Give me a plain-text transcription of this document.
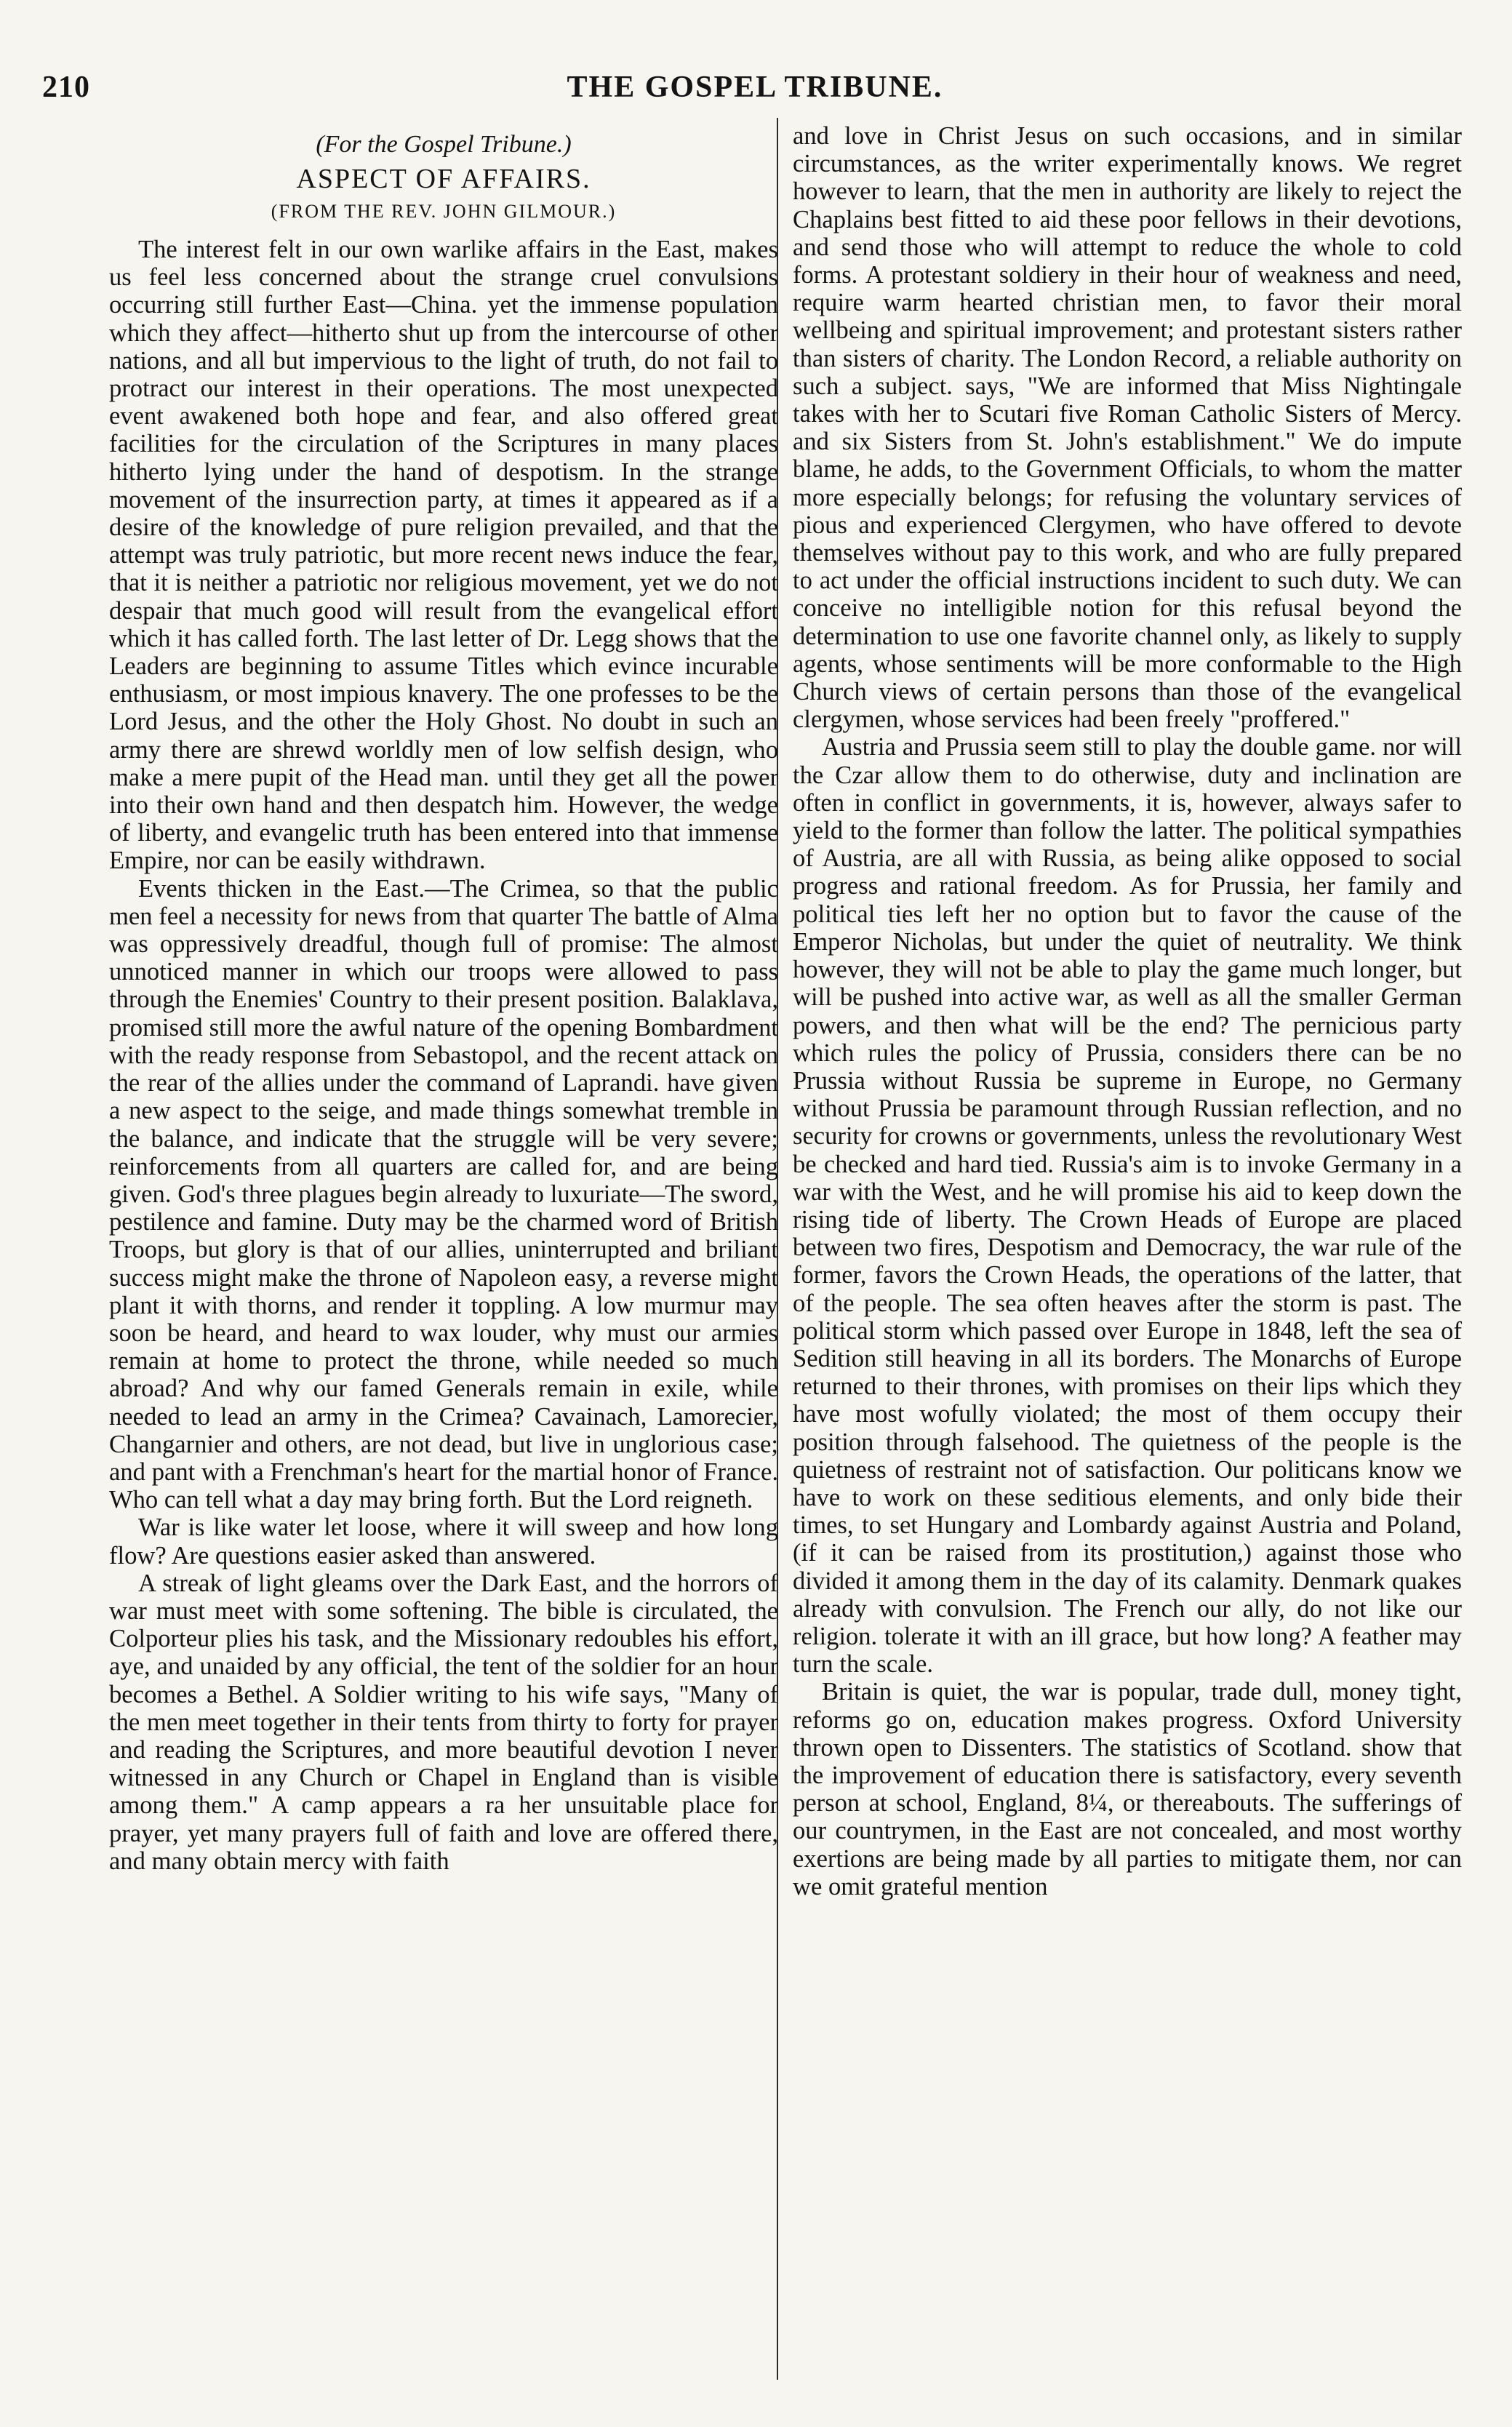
210	THE GOSPEL TRIBUNE.
(For the Gospel Tribune.)
ASPECT OF AFFAIRS.
(FROM THE REV. JOHN GILMOUR.)

The interest felt in our own warlike affairs in the East, makes us feel less concerned about the strange cruel convulsions occurring still further East—China. yet the immense population which they affect—hitherto shut up from the intercourse of other nations, and all but impervious to the light of truth, do not fail to protract our interest in their operations. The most unexpected event awakened both hope and fear, and also offered great facilities for the circulation of the Scriptures in many places hitherto lying under the hand of despotism. In the strange movement of the insurrection party, at times it appeared as if a desire of the knowledge of pure religion prevailed, and that the attempt was truly patriotic, but more recent news induce the fear, that it is neither a patriotic nor religious movement, yet we do not despair that much good will result from the evangelical effort which it has called forth. The last letter of Dr. Legg shows that the Leaders are beginning to assume Titles which evince incurable enthusiasm, or most impious knavery. The one professes to be the Lord Jesus, and the other the Holy Ghost. No doubt in such an army there are shrewd worldly men of low selfish design, who make a mere pupit of the Head man. until they get all the power into their own hand and then despatch him. However, the wedge of liberty, and evangelic truth has been entered into that immense Empire, nor can be easily withdrawn.

Events thicken in the East.—The Crimea, so that the public men feel a necessity for news from that quarter The battle of Alma was oppressively dreadful, though full of promise: The almost unnoticed manner in which our troops were allowed to pass through the Enemies' Country to their present position. Balaklava, promised still more the awful nature of the opening Bombardment with the ready response from Sebastopol, and the recent attack on the rear of the allies under the command of Laprandi. have given a new aspect to the seige, and made things somewhat tremble in the balance, and indicate that the struggle will be very severe; reinforcements from all quarters are called for, and are being given. God's three plagues begin already to luxuriate—The sword, pestilence and famine. Duty may be the charmed word of British Troops, but glory is that of our allies, uninterrupted and briliant success might make the throne of Napoleon easy, a reverse might plant it with thorns, and render it toppling. A low murmur may soon be heard, and heard to wax louder, why must our armies remain at home to protect the throne, while needed so much abroad? And why our famed Generals remain in exile, while needed to lead an army in the Crimea? Cavainach, Lamorecier, Changarnier and others, are not dead, but live in unglorious case; and pant with a Frenchman's heart for the martial honor of France. Who can tell what a day may bring forth. But the Lord reigneth.

War is like water let loose, where it will sweep and how long flow? Are questions easier asked than answered.

A streak of light gleams over the Dark East, and the horrors of war must meet with some softening. The bible is circulated, the Colporteur plies his task, and the Missionary redoubles his effort, aye, and unaided by any official, the tent of the soldier for an hour becomes a Bethel. A Soldier writing to his wife says, "Many of the men meet together in their tents from thirty to forty for prayer and reading the Scriptures, and more beautiful devotion I never witnessed in any Church or Chapel in England than is visible among them." A camp appears a ra her unsuitable place for prayer, yet many prayers full of faith and love are offered there, and many obtain mercy with faith

and love in Christ Jesus on such occasions, and in similar circumstances, as the writer experimentally knows. We regret however to learn, that the men in authority are likely to reject the Chaplains best fitted to aid these poor fellows in their devotions, and send those who will attempt to reduce the whole to cold forms. A protestant soldiery in their hour of weakness and need, require warm hearted christian men, to favor their moral wellbeing and spiritual improvement; and protestant sisters rather than sisters of charity. The London Record, a reliable authority on such a subject. says, "We are informed that Miss Nightingale takes with her to Scutari five Roman Catholic Sisters of Mercy. and six Sisters from St. John's establishment." We do impute blame, he adds, to the Government Officials, to whom the matter more especially belongs; for refusing the voluntary services of pious and experienced Clergymen, who have offered to devote themselves without pay to this work, and who are fully prepared to act under the official instructions incident to such duty. We can conceive no intelligible notion for this refusal beyond the determination to use one favorite channel only, as likely to supply agents, whose sentiments will be more conformable to the High Church views of certain persons than those of the evangelical clergymen, whose services had been freely "proffered."

Austria and Prussia seem still to play the double game. nor will the Czar allow them to do otherwise, duty and inclination are often in conflict in governments, it is, however, always safer to yield to the former than follow the latter. The political sympathies of Austria, are all with Russia, as being alike opposed to social progress and rational freedom. As for Prussia, her family and political ties left her no option but to favor the cause of the Emperor Nicholas, but under the quiet of neutrality. We think however, they will not be able to play the game much longer, but will be pushed into active war, as well as all the smaller German powers, and then what will be the end? The pernicious party which rules the policy of Prussia, considers there can be no Prussia without Russia be supreme in Europe, no Germany without Prussia be paramount through Russian reflection, and no security for crowns or governments, unless the revolutionary West be checked and hard tied. Russia's aim is to invoke Germany in a war with the West, and he will promise his aid to keep down the rising tide of liberty. The Crown Heads of Europe are placed between two fires, Despotism and Democracy, the war rule of the former, favors the Crown Heads, the operations of the latter, that of the people. The sea often heaves after the storm is past. The political storm which passed over Europe in 1848, left the sea of Sedition still heaving in all its borders. The Monarchs of Europe returned to their thrones, with promises on their lips which they have most wofully violated; the most of them occupy their position through falsehood. The quietness of the people is the quietness of restraint not of satisfaction. Our politicans know we have to work on these seditious elements, and only bide their times, to set Hungary and Lombardy against Austria and Poland, (if it can be raised from its prostitution,) against those who divided it among them in the day of its calamity. Denmark quakes already with convulsion. The French our ally, do not like our religion. tolerate it with an ill grace, but how long? A feather may turn the scale.

Britain is quiet, the war is popular, trade dull, money tight, reforms go on, education makes progress. Oxford University thrown open to Dissenters. The statistics of Scotland. show that the improvement of education there is satisfactory, every seventh person at school, England, 8¼, or thereabouts. The sufferings of our countrymen, in the East are not concealed, and most worthy exertions are being made by all parties to mitigate them, nor can we omit grateful mention
